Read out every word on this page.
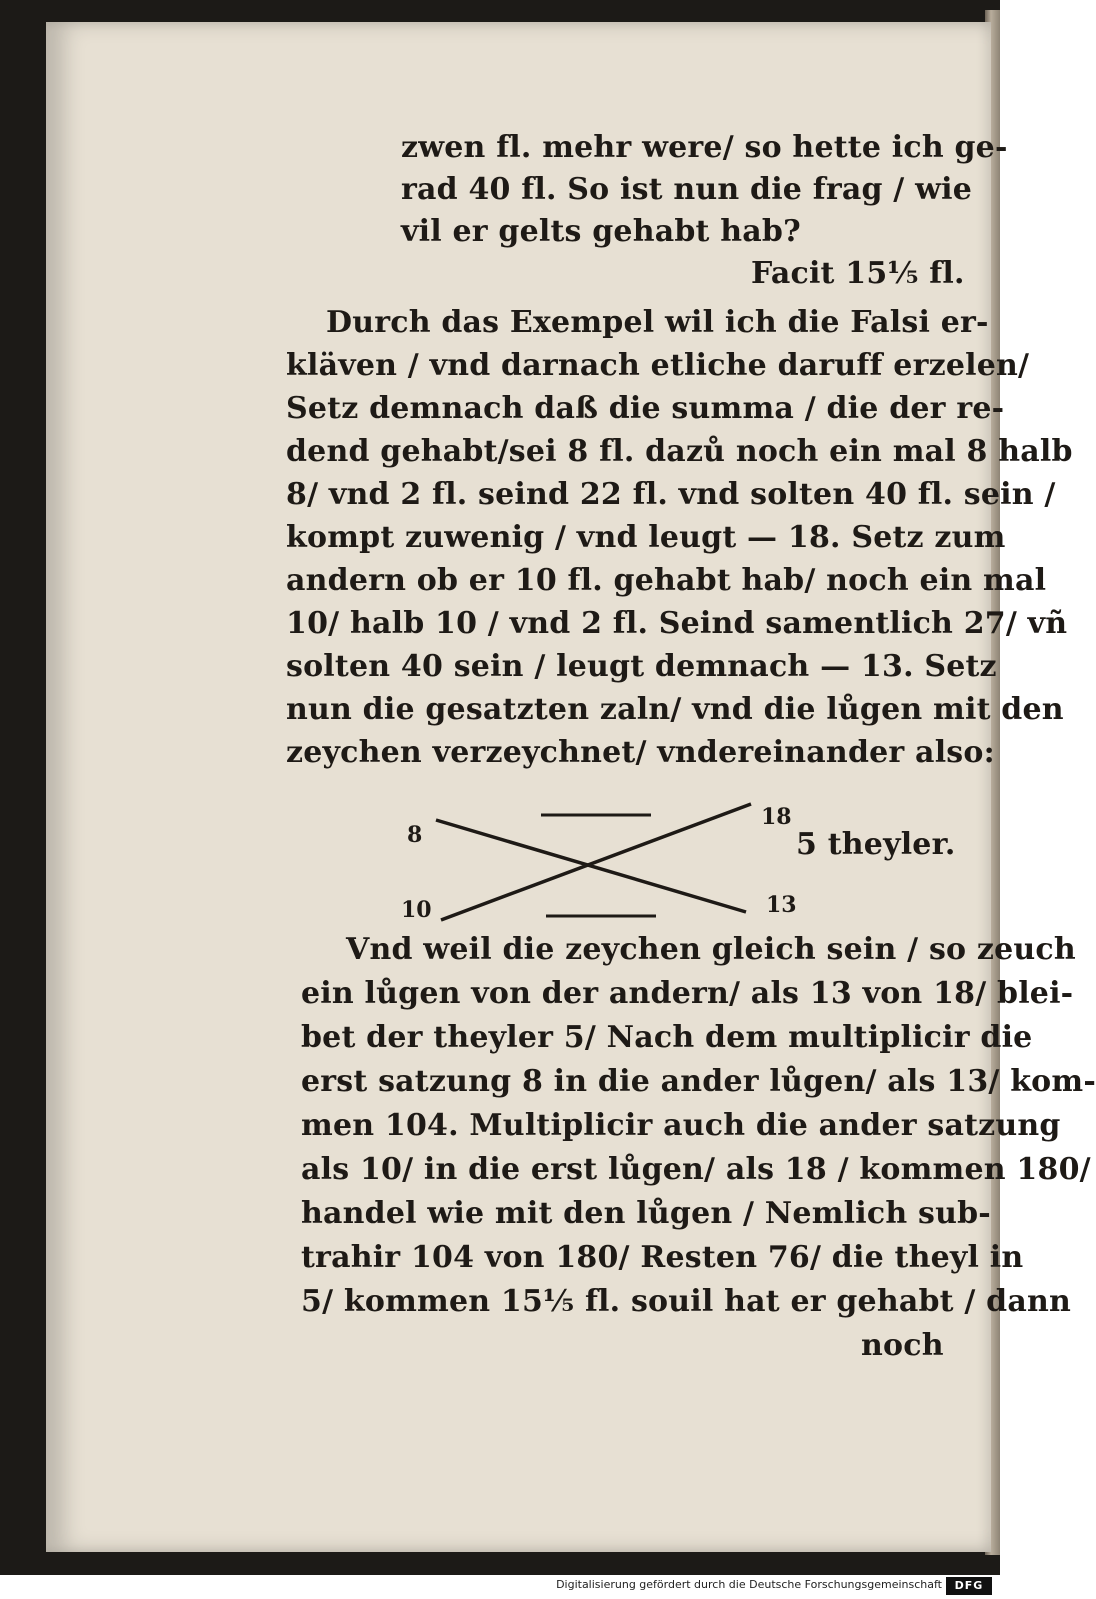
zwen fl. mehr were/ so hette ich ge-
rad 40 fl. So ist nun die frag / wie
vil er gelts gehabt hab?
Facit 15⅕ fl.
Durch das Exempel wil ich die Falsi er-
kläven / vnd darnach etliche daruff erzelen/
Setz demnach daß die summa / die der re-
dend gehabt/sei 8 fl. dazů noch ein mal 8 halb
8/ vnd 2 fl. seind 22 fl. vnd solten 40 fl. sein /
kompt zuwenig / vnd leugt — 18. Setz zum
andern ob er 10 fl. gehabt hab/ noch ein mal
10/ halb 10 / vnd 2 fl. Seind samentlich 27/ vñ
solten 40 sein / leugt demnach — 13. Setz
nun die gesatzten zaln/ vnd die lůgen mit den
zeychen verzeychnet/ vndereinander also:
8
10
18
13
5 theyler.
Vnd weil die zeychen gleich sein / so zeuch
ein lůgen von der andern/ als 13 von 18/ blei-
bet der theyler 5/ Nach dem multiplicir die
erst satzung 8 in die ander lůgen/ als 13/ kom-
men 104. Multiplicir auch die ander satzung
als 10/ in die erst lůgen/ als 18 / kommen 180/
handel wie mit den lůgen / Nemlich sub-
trahir 104 von 180/ Resten 76/ die theyl in
5/ kommen 15⅕ fl. souil hat er gehabt / dann
noch
Digitalisierung gefördert durch die Deutsche Forschungsgemeinschaft	DFG
